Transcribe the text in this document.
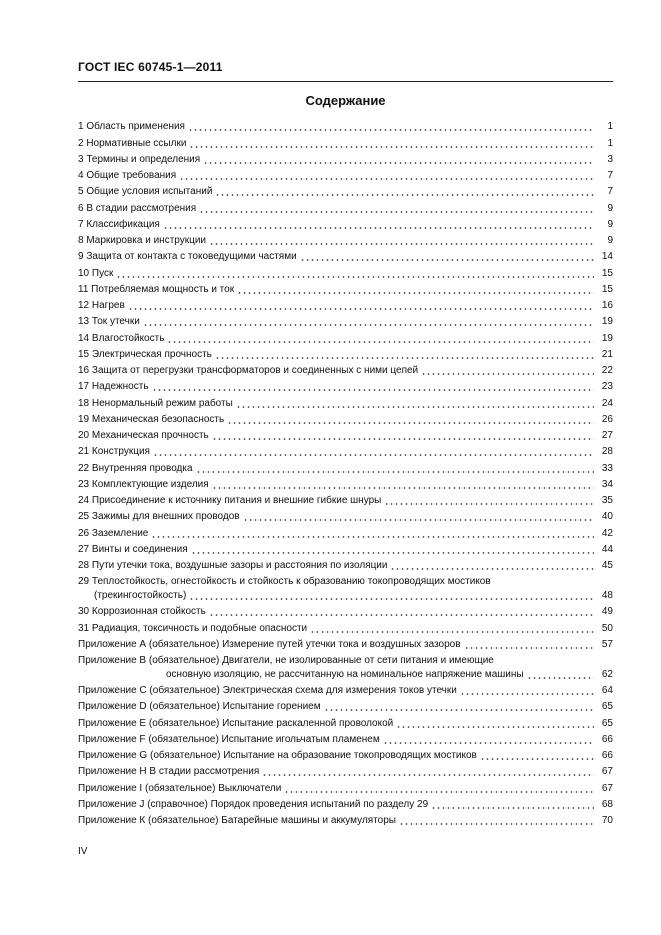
ГОСТ IEC 60745-1—2011
Содержание
1 Область применения	1
2 Нормативные ссылки	1
3 Термины и определения	3
4 Общие требования	7
5 Общие условия испытаний	7
6 В стадии рассмотрения	9
7 Классификация	9
8 Маркировка и инструкции	9
9 Защита от контакта с токоведущими частями	14
10 Пуск	15
11 Потребляемая мощность и ток	15
12 Нагрев	16
13 Ток утечки	19
14 Влагостойкость	19
15 Электрическая прочность	21
16 Защита от перегрузки трансформаторов и соединенных с ними цепей	22
17 Надежность	23
18 Ненормальный режим работы	24
19 Механическая безопасность	26
20 Механическая прочность	27
21 Конструкция	28
22 Внутренняя проводка	33
23 Комплектующие изделия	34
24 Присоединение к источнику питания и внешние гибкие шнуры	35
25 Зажимы для внешних проводов	40
26 Заземление	42
27 Винты и соединения	44
28 Пути утечки тока, воздушные зазоры и расстояния по изоляции	45
29 Теплостойкость, огнестойкость и стойкость к образованию токопроводящих мостиков
(трекингостойкость)	48
30 Коррозионная стойкость	49
31 Радиация, токсичность и подобные опасности	50
Приложение А (обязательное) Измерение путей утечки тока и воздушных зазоров	57
Приложение В (обязательное) Двигатели, не изолированные от сети питания и имеющие
основную изоляцию, не рассчитанную на номинальное напряжение машины	62
Приложение С (обязательное) Электрическая схема для измерения токов утечки	64
Приложение D (обязательное) Испытание горением	65
Приложение Е (обязательное) Испытание раскаленной проволокой	65
Приложение F (обязательное) Испытание игольчатым пламенем	66
Приложение G (обязательное) Испытание на образование токопроводящих мостиков	66
Приложение Н В стадии рассмотрения	67
Приложение I (обязательное) Выключатели	67
Приложение J (справочное) Порядок проведения испытаний по разделу 29	68
Приложение К (обязательное) Батарейные машины и аккумуляторы	70
IV
